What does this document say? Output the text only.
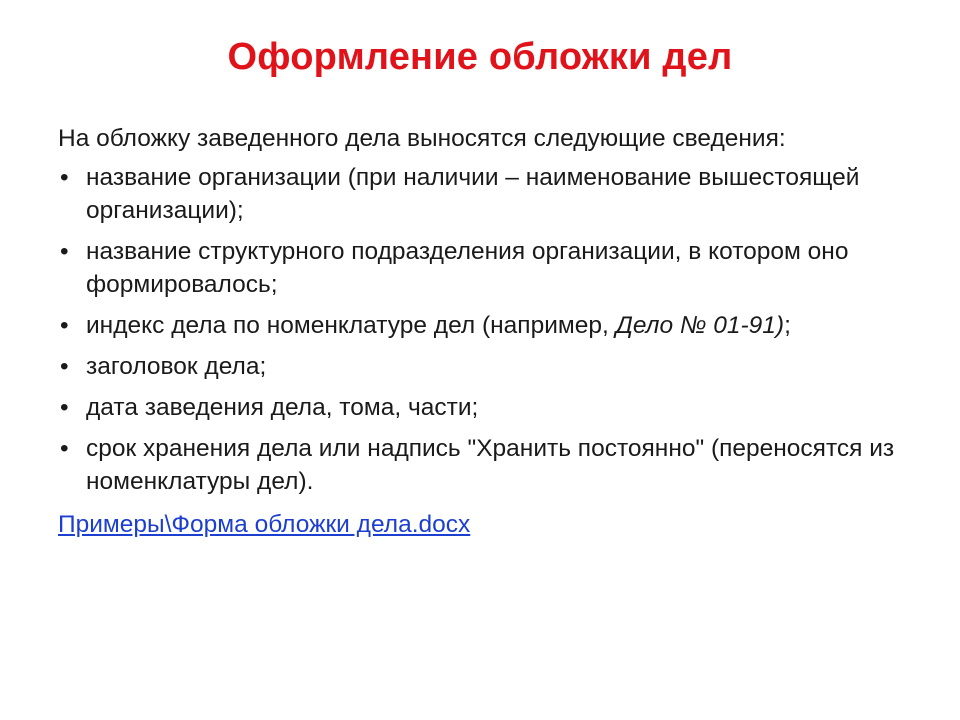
Оформление обложки дел
На обложку заведенного дела выносятся следующие сведения:
• название организации (при наличии – наименование вышестоящей организации);
• название структурного подразделения организации, в котором оно формировалось;
• индекс дела по номенклатуре дел (например, Дело № 01-91);
• заголовок дела;
• дата заведения дела, тома, части;
• срок хранения дела или надпись "Хранить постоянно" (переносятся из номенклатуры дел).
Примеры\Форма обложки дела.docx
